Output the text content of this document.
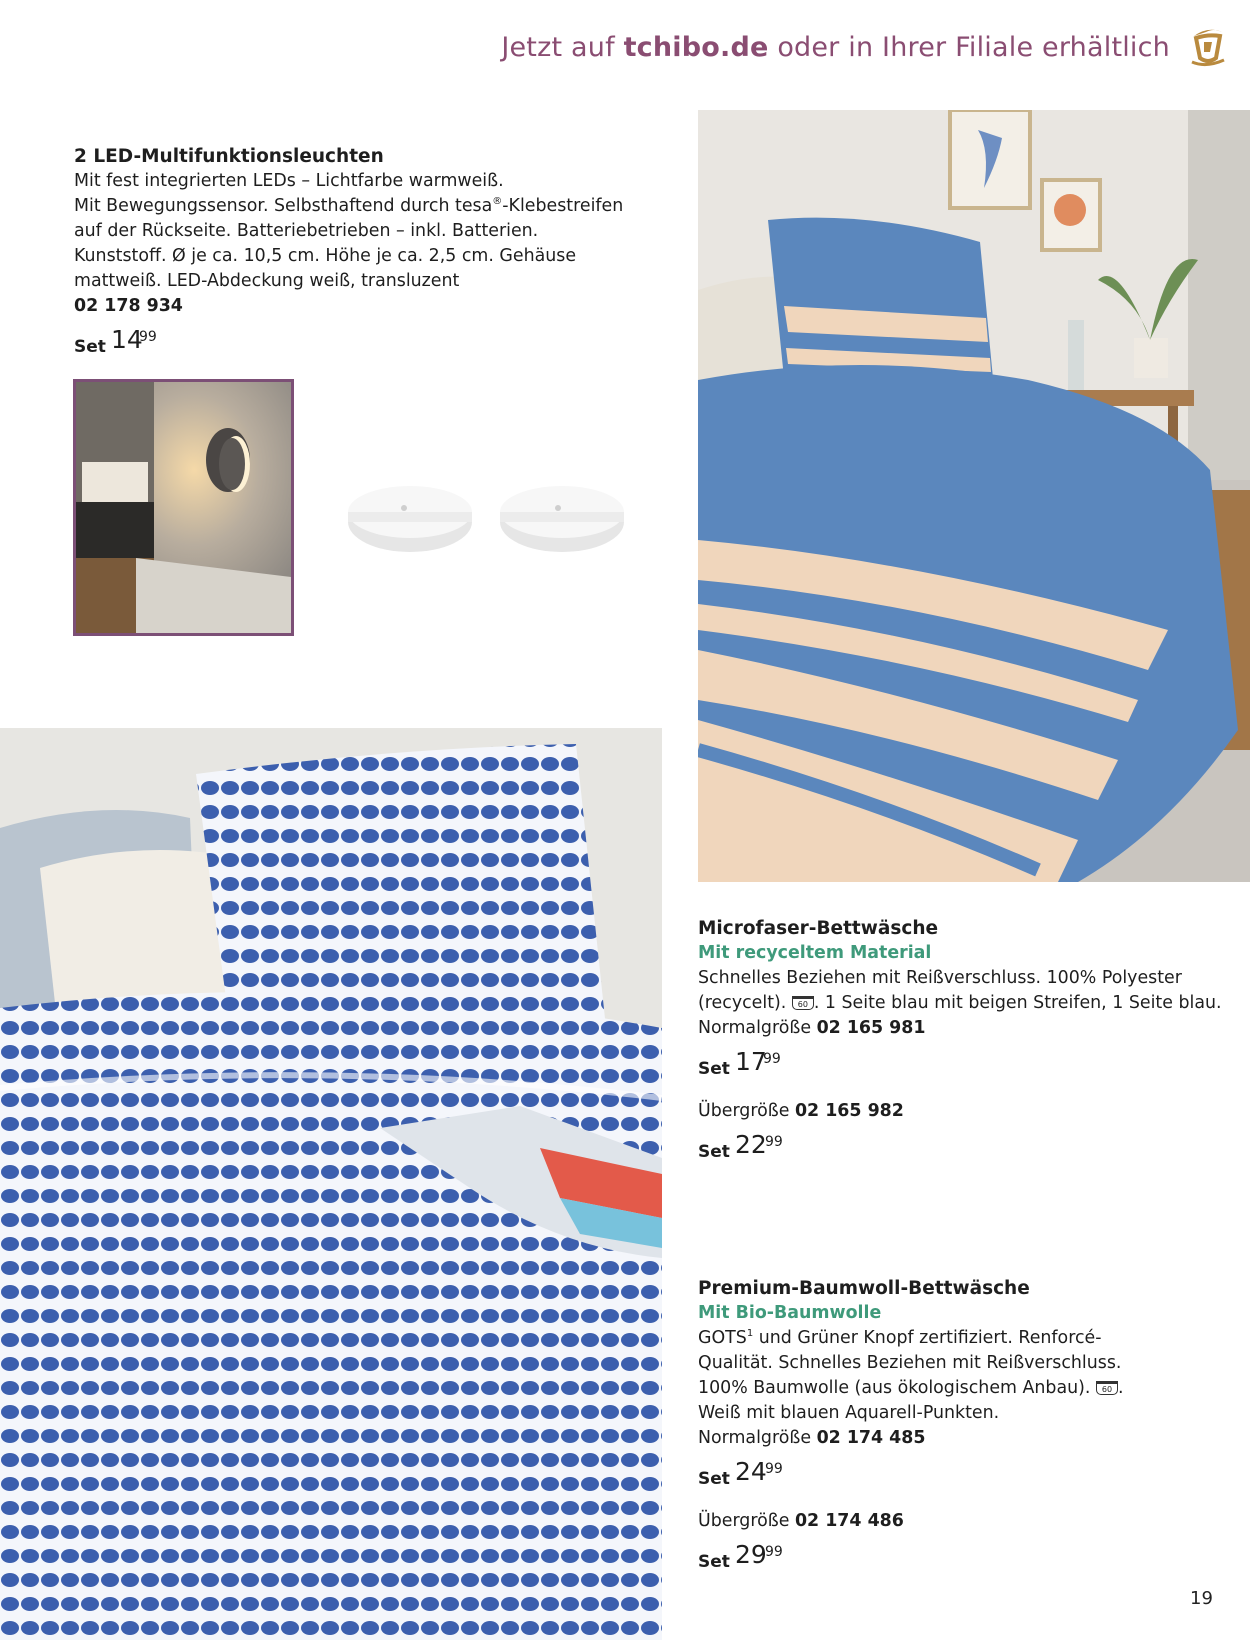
Jetzt auf tchibo.de oder in Ihrer Filiale erhältlich
2 LED-Multifunktionsleuchten
Mit fest integrierten LEDs – Lichtfarbe warmweiß.
Mit Bewegungssensor. Selbsthaftend durch tesa®-Klebestreifen
auf der Rückseite. Batteriebetrieben – inkl. Batterien.
Kunststoff. Ø je ca. 10,5 cm. Höhe je ca. 2,5 cm. Gehäuse
mattweiß. LED-Abdeckung weiß, transluzent
02 178 934
Set 14
99
Microfaser-Bettwäsche
Mit recyceltem Material
Schnelles Beziehen mit Reißverschluss. 100% Polyester
(recycelt). 60 . 1 Seite blau mit beigen Streifen, 1 Seite blau.
Normalgröße 02 165 981
Set 17
99
Übergröße 02 165 982
Set 22
99
Premium-Baumwoll-Bettwäsche
Mit Bio-Baumwolle
GOTS$^1$ und Grüner Knopf zertifiziert. Renforcé-
Qualität. Schnelles Beziehen mit Reißverschluss.
100% Baumwolle (aus ökologischem Anbau). 60 .
Weiß mit blauen Aquarell-Punkten.
Normalgröße 02 174 485
Set 24
99
Übergröße 02 174 486
Set 29
99
19
